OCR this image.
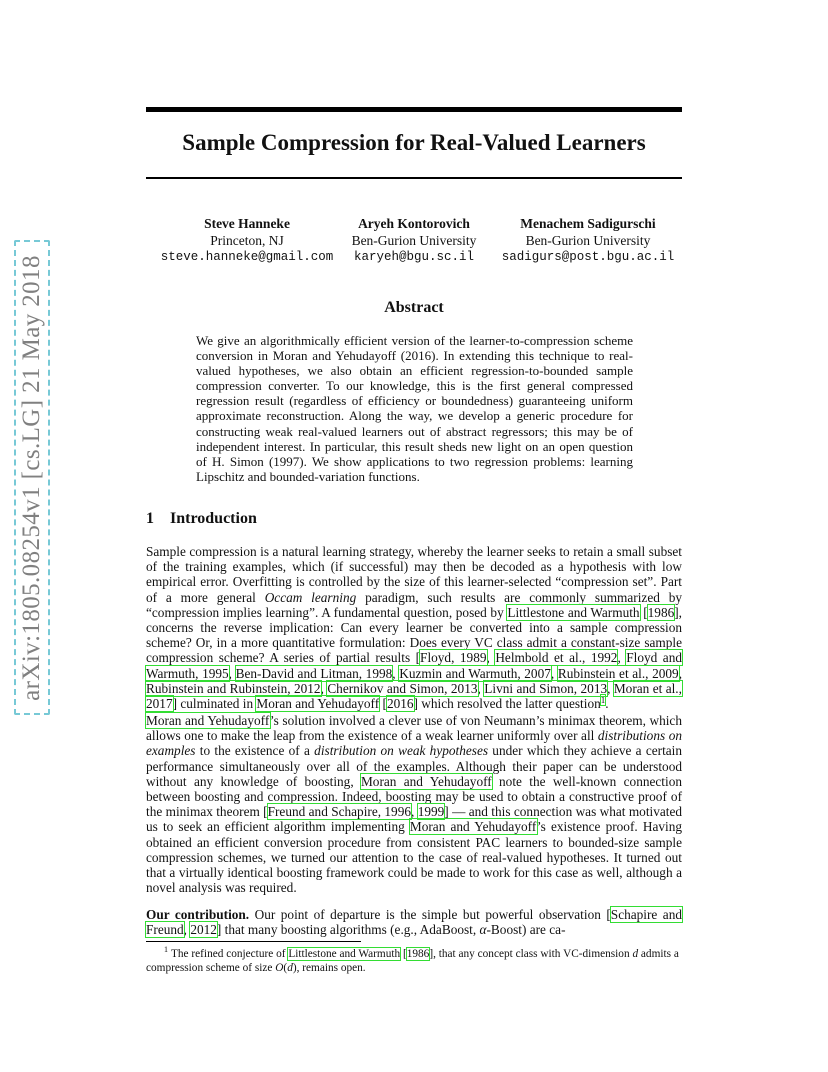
arXiv:1805.08254v1 [cs.LG] 21 May 2018
Sample Compression for Real-Valued Learners
Steve Hanneke
Princeton, NJ
steve.hanneke@gmail.com
Aryeh Kontorovich
Ben-Gurion University
karyeh@bgu.sc.il
Menachem Sadigurschi
Ben-Gurion University
sadigurs@post.bgu.ac.il
Abstract
We give an algorithmically efficient version of the learner-to-compression scheme conversion in Moran and Yehudayoff (2016). In extending this technique to real-valued hypotheses, we also obtain an efficient regression-to-bounded sample compression converter. To our knowledge, this is the first general compressed regression result (regardless of efficiency or boundedness) guaranteeing uniform approximate reconstruction. Along the way, we develop a generic procedure for constructing weak real-valued learners out of abstract regressors; this may be of independent interest. In particular, this result sheds new light on an open question of H. Simon (1997). We show applications to two regression problems: learning Lipschitz and bounded-variation functions.
1 Introduction
Sample compression is a natural learning strategy, whereby the learner seeks to retain a small subset of the training examples, which (if successful) may then be decoded as a hypothesis with low empirical error. Overfitting is controlled by the size of this learner-selected “compression set”. Part of a more general Occam learning paradigm, such results are commonly summarized by “compression implies learning”. A fundamental question, posed by Littlestone and Warmuth [1986], concerns the reverse implication: Can every learner be converted into a sample compression scheme? Or, in a more quantitative formulation: Does every VC class admit a constant-size sample compression scheme? A series of partial results [Floyd, 1989, Helmbold et al., 1992, Floyd and Warmuth, 1995, Ben-David and Litman, 1998, Kuzmin and Warmuth, 2007, Rubinstein et al., 2009, Rubinstein and Rubinstein, 2012, Chernikov and Simon, 2013, Livni and Simon, 2013, Moran et al., 2017] culminated in Moran and Yehudayoff [2016] which resolved the latter question$^1$.
Moran and Yehudayoff’s solution involved a clever use of von Neumann’s minimax theorem, which allows one to make the leap from the existence of a weak learner uniformly over all distributions on examples to the existence of a distribution on weak hypotheses under which they achieve a certain performance simultaneously over all of the examples. Although their paper can be understood without any knowledge of boosting, Moran and Yehudayoff note the well-known connection between boosting and compression. Indeed, boosting may be used to obtain a constructive proof of the minimax theorem [Freund and Schapire, 1996, 1999] — and this connection was what motivated us to seek an efficient algorithm implementing Moran and Yehudayoff’s existence proof. Having obtained an efficient conversion procedure from consistent PAC learners to bounded-size sample compression schemes, we turned our attention to the case of real-valued hypotheses. It turned out that a virtually identical boosting framework could be made to work for this case as well, although a novel analysis was required.
Our contribution. Our point of departure is the simple but powerful observation [Schapire and Freund, 2012] that many boosting algorithms (e.g., AdaBoost, α-Boost) are ca-
$^1$ The refined conjecture of Littlestone and Warmuth [1986], that any concept class with VC-dimension d admits a compression scheme of size O(d), remains open.
